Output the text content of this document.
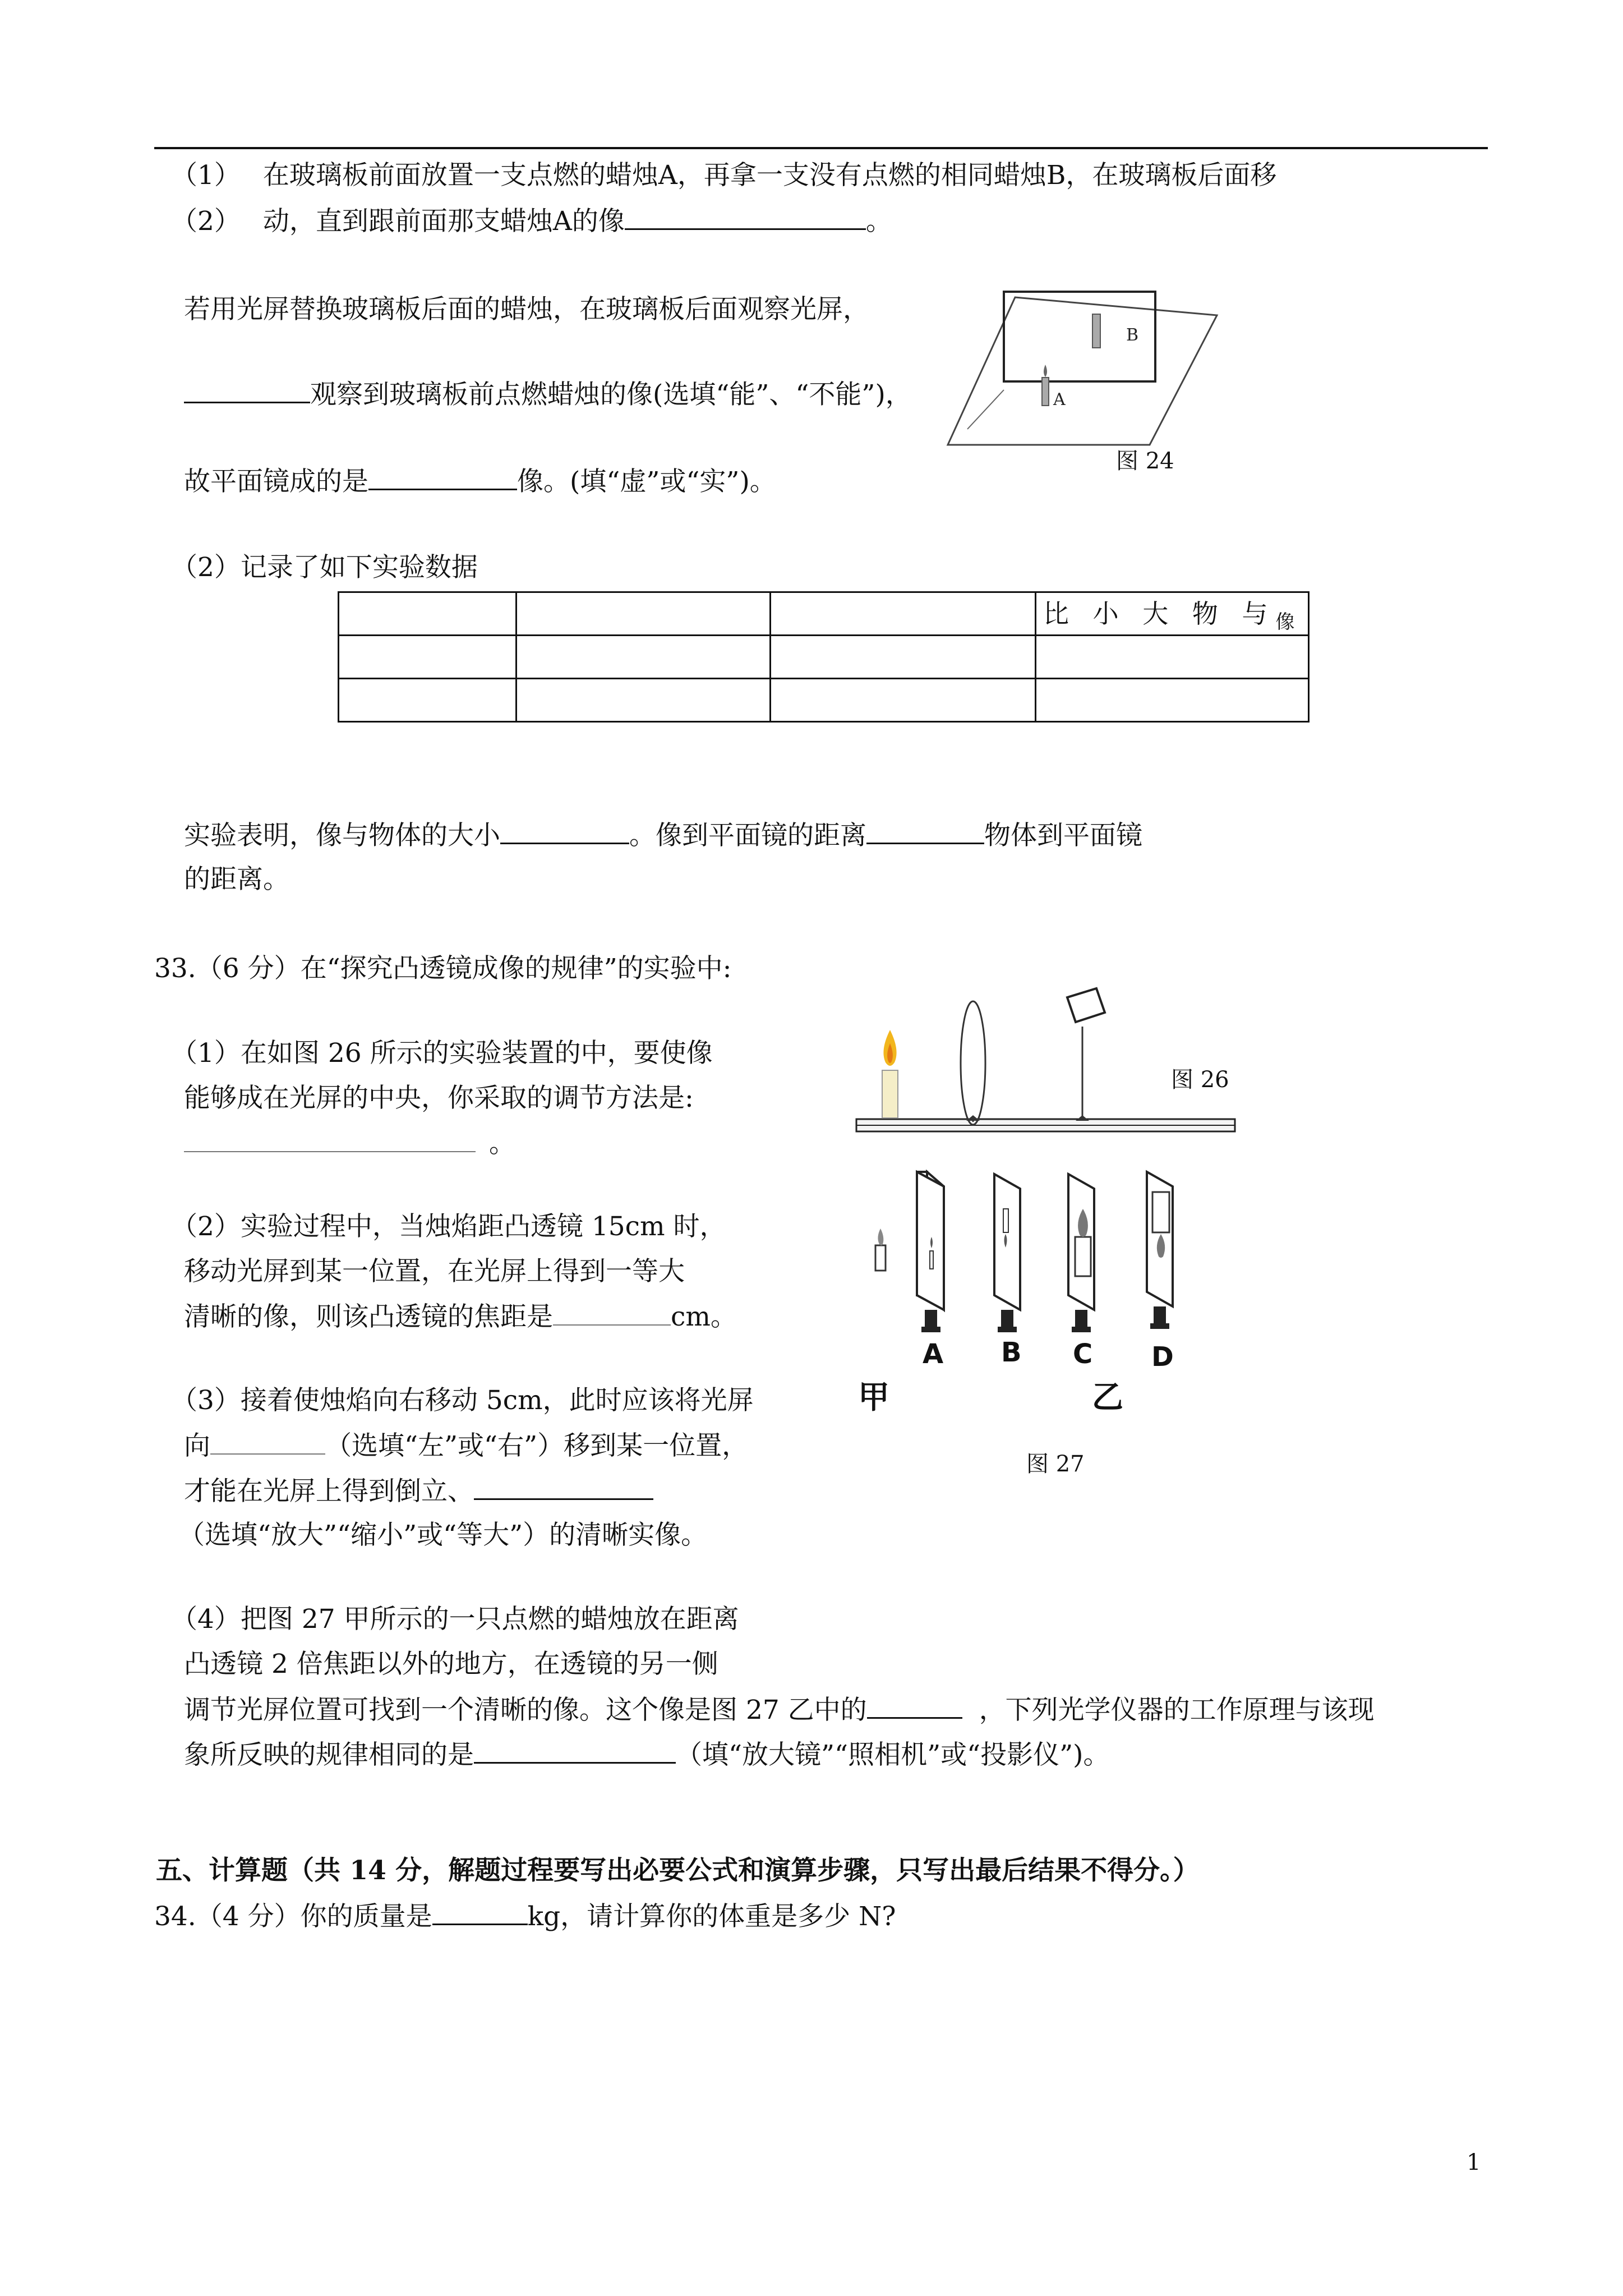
（1） 在玻璃板前面放置一支点燃的蜡烛A，再拿一支没有点燃的相同蜡烛B，在玻璃板后面移
（2） 动，直到跟前面那支蜡烛A的像	。
若用光屏替换玻璃板后面的蜡烛，在玻璃板后面观察光屏，
观察到玻璃板前点燃蜡烛的像(选填“能”、“不能”)，
故平面镜成的是	像。(填“虚”或“实”)。
A
B
图 24
（2）记录了如下实验数据
			比 小 大 物 与像

实验表明，像与物体的大小	。像到平面镜的距离	物体到平面镜
的距离。
33.（6 分）在“探究凸透镜成像的规律”的实验中:
（1）在如图 26 所示的实验装置的中，要使像
能够成在光屏的中央，你采取的调节方法是:
。
（2）实验过程中，当烛焰距凸透镜 15cm 时，
移动光屏到某一位置，在光屏上得到一等大
清晰的像，则该凸透镜的焦距是	cm。
（3）接着使烛焰向右移动 5cm，此时应该将光屏
向	（选填“左”或“右”）移到某一位置，
才能在光屏上得到倒立、
（选填“放大”“缩小”或“等大”）的清晰实像。
（4）把图 27 甲所示的一只点燃的蜡烛放在距离
凸透镜 2 倍焦距以外的地方，在透镜的另一侧
调节光屏位置可找到一个清晰的像。这个像是图 27 乙中的	，下列光学仪器的工作原理与该现
象所反映的规律相同的是	（填“放大镜”“照相机”或“投影仪”)。
图 26
A B C D
甲	乙
图 27
五、计算题（共 14 分，解题过程要写出必要公式和演算步骤，只写出最后结果不得分。）
34.（4 分）你的质量是	kg，请计算你的体重是多少 N?
1
